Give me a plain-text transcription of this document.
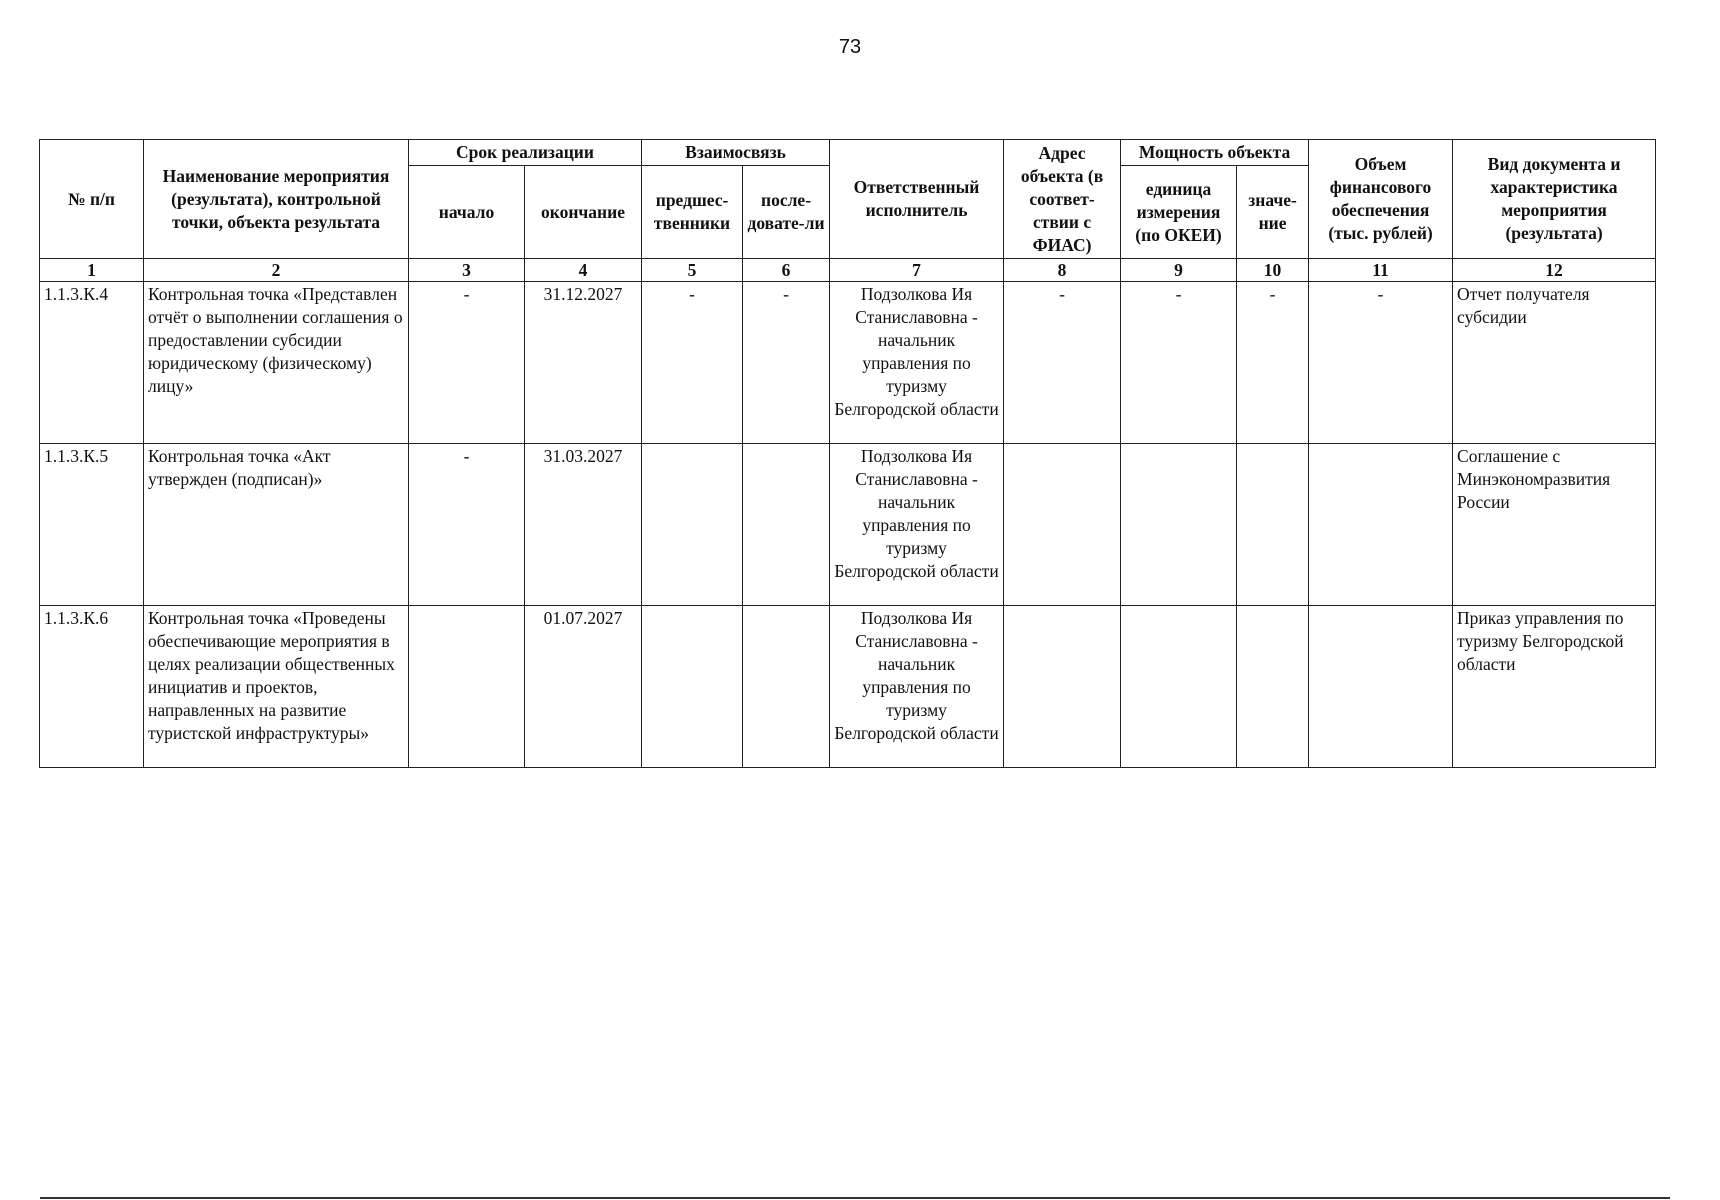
73
№ п/п	Наименование мероприятия (результата), контрольной точки, объекта результата	Срок реализации		Взаимосвязь		Ответственный исполнитель	Адрес объекта (в соответ-ствии с ФИАС)	Мощность объекта		Объем финансового обеспечения (тыс. рублей)	Вид документа и характеристика мероприятия (результата)
		начало	окончание	предшес-твенники	после-довате-ли			единица измерения (по ОКЕИ)	значе-ние		
1	2	3	4	5	6	7	8	9	10	11	12
1.1.3.К.4	Контрольная точка «Представлен отчёт о выполнении соглашения о предоставлении субсидии юридическому (физическому) лицу»	-	31.12.2027	-	-	Подзолкова Ия Станиславовна - начальник управления по туризму Белгородской области	-	-	-	-	Отчет получателя субсидии
1.1.3.К.5	Контрольная точка «Акт утвержден (подписан)»	-	31.03.2027			Подзолкова Ия Станиславовна - начальник управления по туризму Белгородской области					Соглашение с Минэкономразвития России
1.1.3.К.6	Контрольная точка «Проведены обеспечивающие мероприятия в целях реализации общественных инициатив и проектов, направленных на развитие туристской инфраструктуры»		01.07.2027			Подзолкова Ия Станиславовна - начальник управления по туризму Белгородской области					Приказ управления по туризму Белгородской области
